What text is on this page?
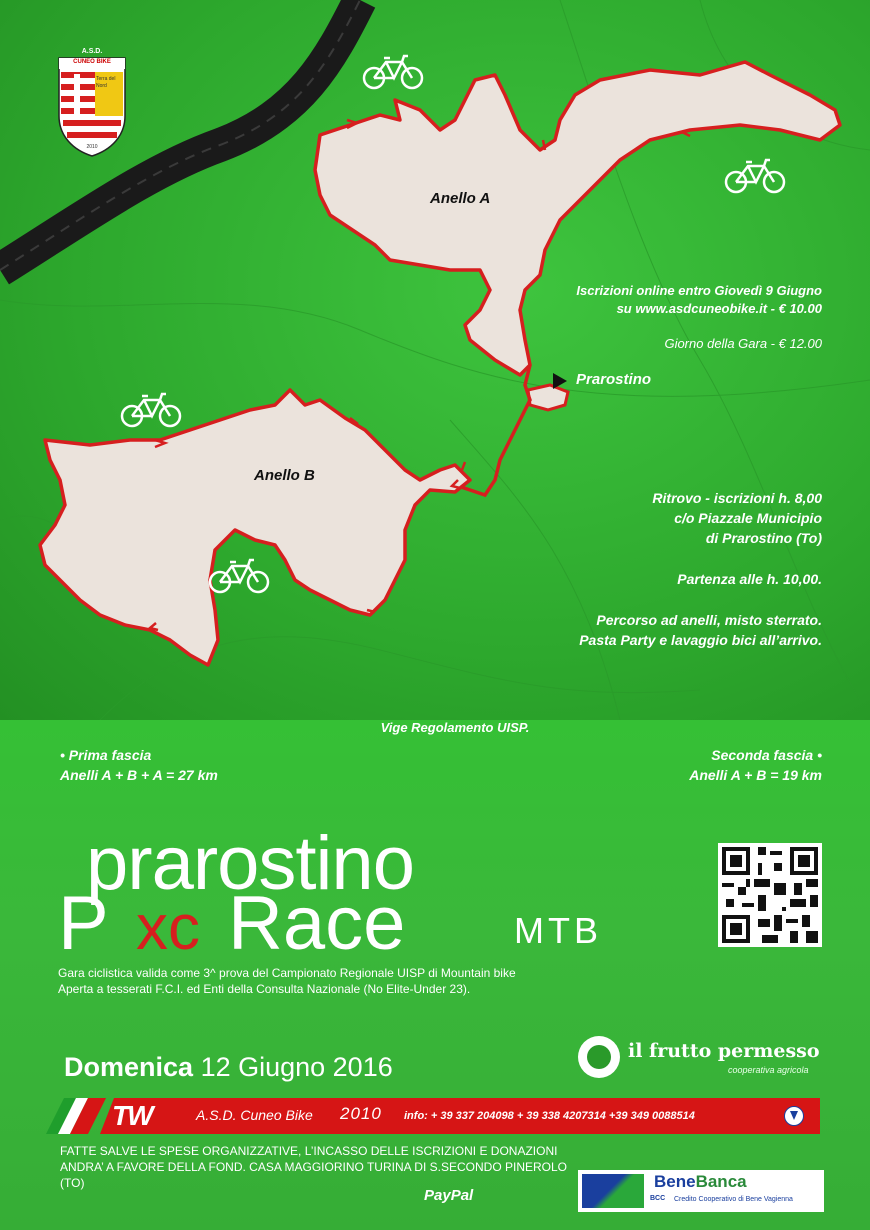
A.S.D.
CUNEO BIKE
Terra del
Nord
2010
Anello A
Anello B
Prarostino
Iscrizioni online entro Giovedì 9 Giugno
su www.asdcuneobike.it - € 10.00
Giorno della Gara - € 12.00
Ritrovo - iscrizioni h. 8,00
c/o Piazzale Municipio
di Prarostino (To)
Partenza alle h. 10,00.
Percorso ad anelli, misto sterrato.
Pasta Party e lavaggio bici all’arrivo.
Vige Regolamento UISP.
• Prima fascia
Anelli A + B + A = 27 km
Seconda fascia •
Anelli A + B = 19 km
prarostino
P xc Race	MTB
Gara ciclistica valida come 3^ prova del Campionato Regionale UISP di Mountain bike
Aperta a tesserati F.C.I. ed Enti della Consulta Nazionale (No Elite-Under 23).
Domenica 12 Giugno 2016
il frutto permesso
cooperativa agricola
TW	A.S.D. Cuneo Bike 2010 info: + 39 337 204098 + 39 338 4207314 +39 349 0088514
FATTE SALVE LE SPESE ORGANIZZATIVE, L’INCASSO DELLE ISCRIZIONI E DONAZIONI
ANDRA’ A FAVORE DELLA FOND. CASA MAGGIORINO TURINA DI S.SECONDO PINEROLO (TO)
PayPal
BeneBanca
BCC Credito Cooperativo di Bene Vagienna
